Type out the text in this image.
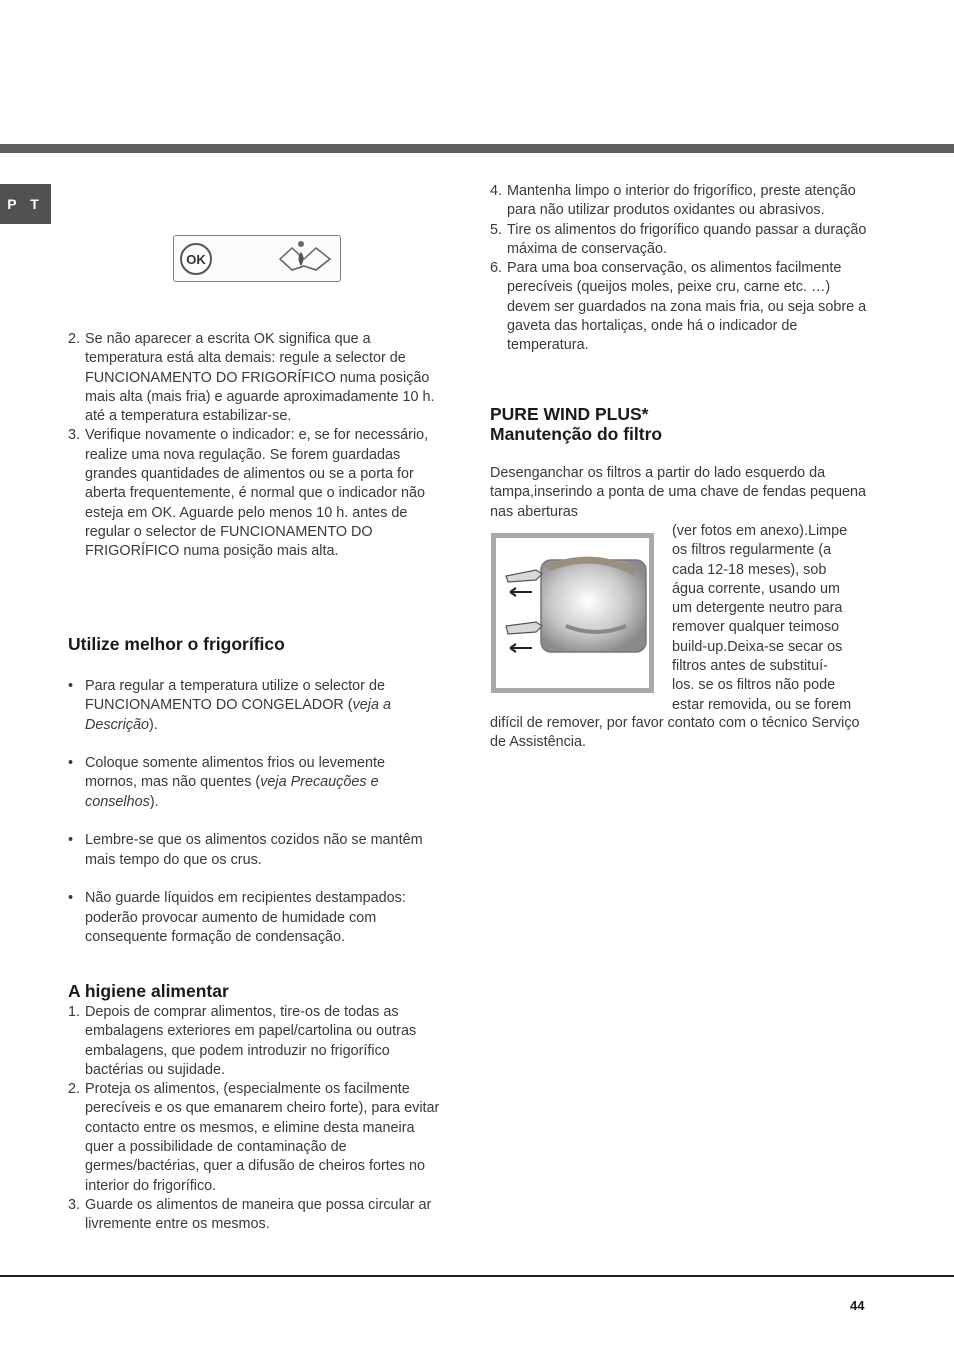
P T
OK
2. Se não aparecer a escrita OK significa que a temperatura está alta demais: regule a selector de FUNCIONAMENTO DO FRIGORÍFICO numa posição mais alta (mais fria) e aguarde aproximadamente 10 h. até a temperatura estabilizar-se.
3. Verifique novamente o indicador: e, se for necessário, realize uma nova regulação. Se forem guardadas grandes quantidades de alimentos ou se a porta for aberta frequentemente, é normal que o indicador não esteja em OK. Aguarde pelo menos 10 h. antes de regular o selector de FUNCIONAMENTO DO FRIGORÍFICO numa posição mais alta.
Utilize melhor o frigorífico
• Para regular a temperatura utilize o selector de FUNCIONAMENTO DO CONGELADOR (veja a Descrição).
• Coloque somente alimentos frios ou levemente mornos, mas não quentes (veja Precauções e conselhos).
• Lembre-se que os alimentos cozidos não se mantêm mais tempo do que os crus.
• Não guarde líquidos em recipientes destampados: poderão provocar aumento de humidade com consequente formação de condensação.
A higiene alimentar
1. Depois de comprar alimentos, tire-os de todas as embalagens exteriores em papel/cartolina ou outras embalagens, que podem introduzir no frigorífico bactérias ou sujidade.
2. Proteja os alimentos, (especialmente os facilmente perecíveis e os que emanarem cheiro forte), para evitar contacto entre os mesmos, e elimine desta maneira quer a possibilidade de contaminação de germes/bactérias, quer a difusão de cheiros fortes no interior do frigorífico.
3. Guarde os alimentos de maneira que possa circular ar livremente entre os mesmos.
4. Mantenha limpo o interior do frigorífico, preste atenção para não utilizar produtos oxidantes ou abrasivos.
5. Tire os alimentos do frigorífico quando passar a duração máxima de conservação.
6. Para uma boa conservação, os alimentos facilmente perecíveis (queijos moles, peixe cru, carne etc. …) devem ser guardados na zona mais fria, ou seja sobre a gaveta das hortaliças, onde há o indicador de temperatura.
PURE WIND PLUS*
Manutenção do filtro

Desenganchar os filtros a partir do lado esquerdo da tampa,inserindo a ponta de uma chave de fendas pequena nas aberturas

(ver fotos em anexo).Limpe

os filtros regularmente (a

cada 12-18 meses), sob

água corrente, usando um

um detergente neutro para

remover qualquer teimoso

build-up.Deixa-se secar os

filtros antes de substituí-

los. se os filtros não pode

estar removida, ou se forem

difícil de remover, por favor contato com o técnico Serviço de Assistência.

44
